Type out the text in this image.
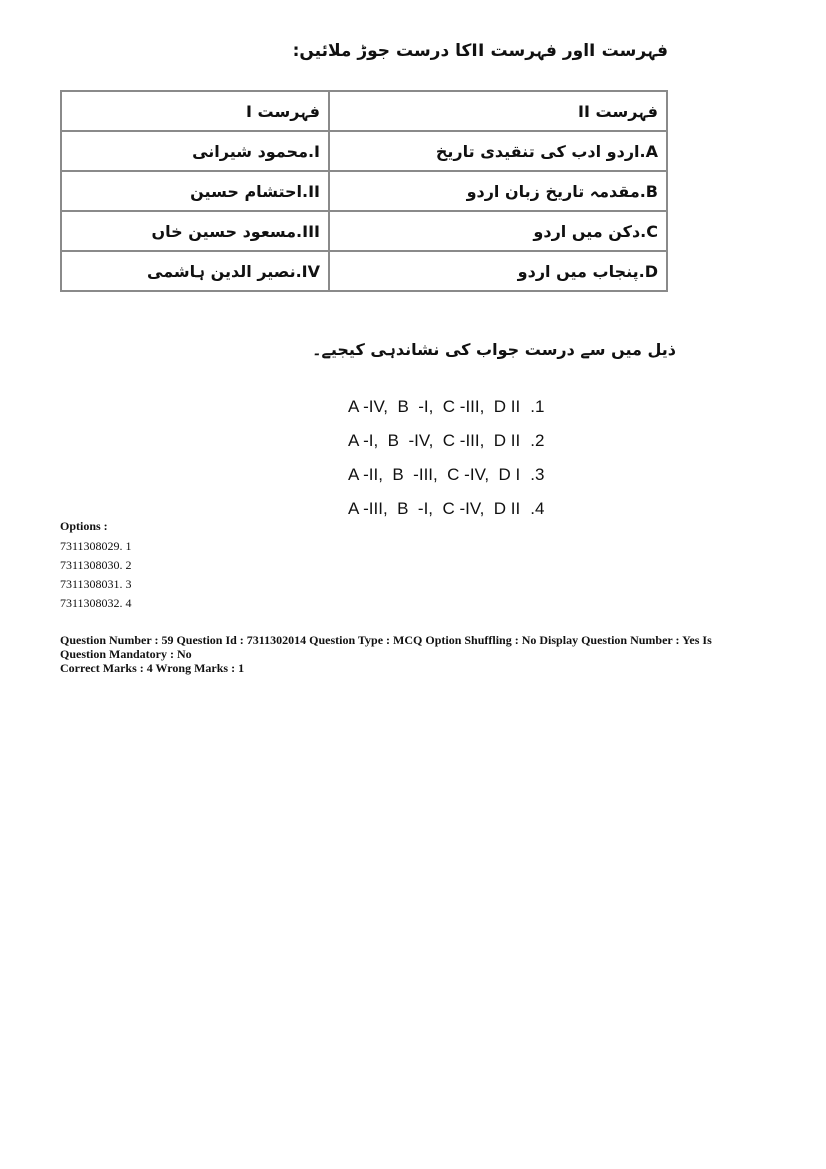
فہرست Iاور فہرست IIکا درست جوڑ ملائیں:
فہرست I	فہرست II
I.محمود شیرانی	A.اردو ادب کی تنقیدی تاریخ
II.احتشام حسین	B.مقدمہ تاریخ زبان اردو
III.مسعود حسین خاں	C.دکن میں اردو
IV.نصیر الدین ہاشمی	D.پنجاب میں اردو
ذیل میں سے درست جواب کی نشاندہی کیجیے۔
A -IV,  B  -I,  C -III,  D II .1
A -I,  B  -IV,  C -III,  D II .2
A -II,  B  -III,  C -IV,  D I .3
A -III,  B  -I,  C -IV,  D II .4
Options :
7311308029. 1
7311308030. 2
7311308031. 3
7311308032. 4
Question Number : 59 Question Id : 7311302014 Question Type : MCQ Option Shuffling : No Display Question Number : Yes Is Question Mandatory : No
Correct Marks : 4 Wrong Marks : 1
